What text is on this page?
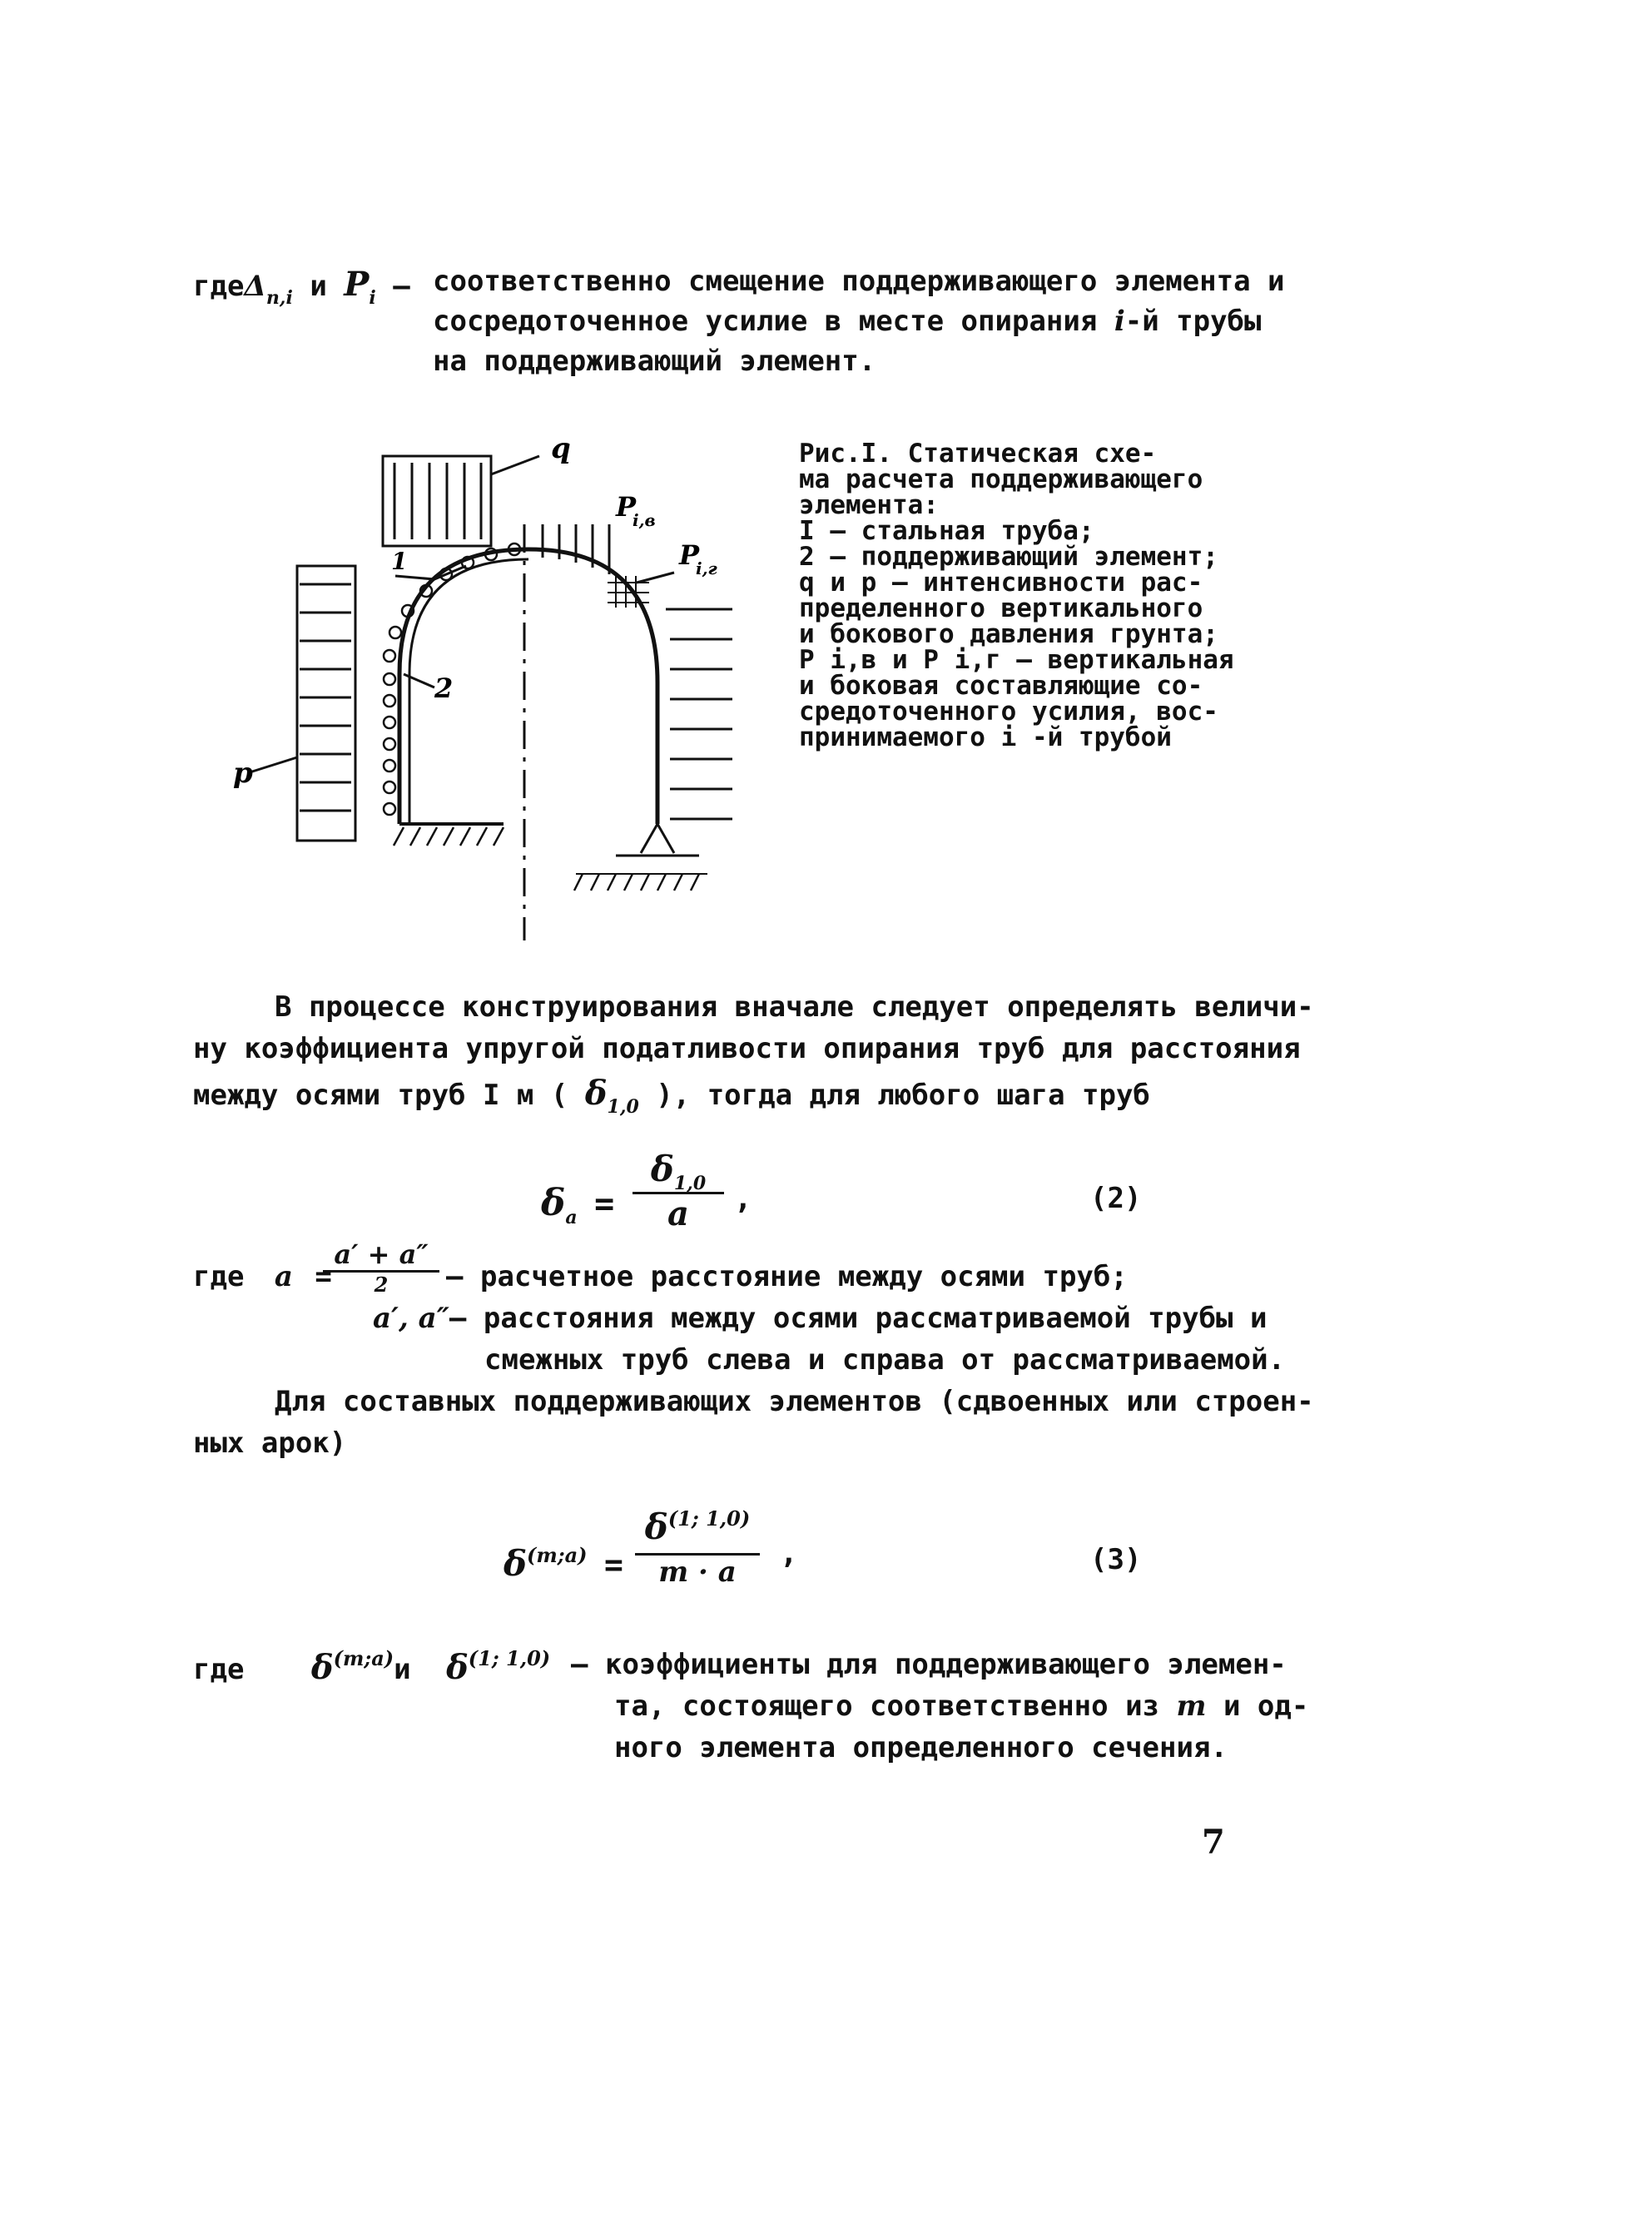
гдеΔ$_{n,i}$ и $P_i$ – соответственно смещение поддерживающего элемента и
сосредоточенное усилие в месте опирания i-й трубы
на поддерживающий элемент.
q
p
1
2
P
i,в
P
i,г
Рис.I. Статическая схе-
ма расчета поддерживающего
элемента:
I – стальная труба;
2 – поддерживающий элемент;
q и p – интенсивности рас-
пределенного вертикального
и бокового давления грунта;
P i,в и P i,г – вертикальная
и боковая составляющие со-
средоточенного усилия, вос-
принимаемого i -й трубой
В процессе конструирования вначале следует определять величи-
ну коэффициента упругой податливости опирания труб для расстояния
между осями труб I м ( $\delta_{1,0}$ ), тогда для любого шага труб
$\delta_a$ =
$\delta_{1,0}$
a	,	(2)
где a =
a′ + a″
2	– расчетное расстояние между осями труб;
a′, a″– расстояния между осями рассматриваемой трубы и
смежных труб слева и справа от рассматриваемой.
Для составных поддерживающих элементов (сдвоенных или строен-
ных арок)
$\delta^{(m;a)}$ =
$\delta^{(1; 1,0)}$
m · a
,	(3)
где $\delta^{(m;a)}и$ $\delta^{(1; 1,0)}$ – коэффициенты для поддерживающего элемен-
та, состоящего соответственно из m и од-
ного элемента определенного сечения.
7
